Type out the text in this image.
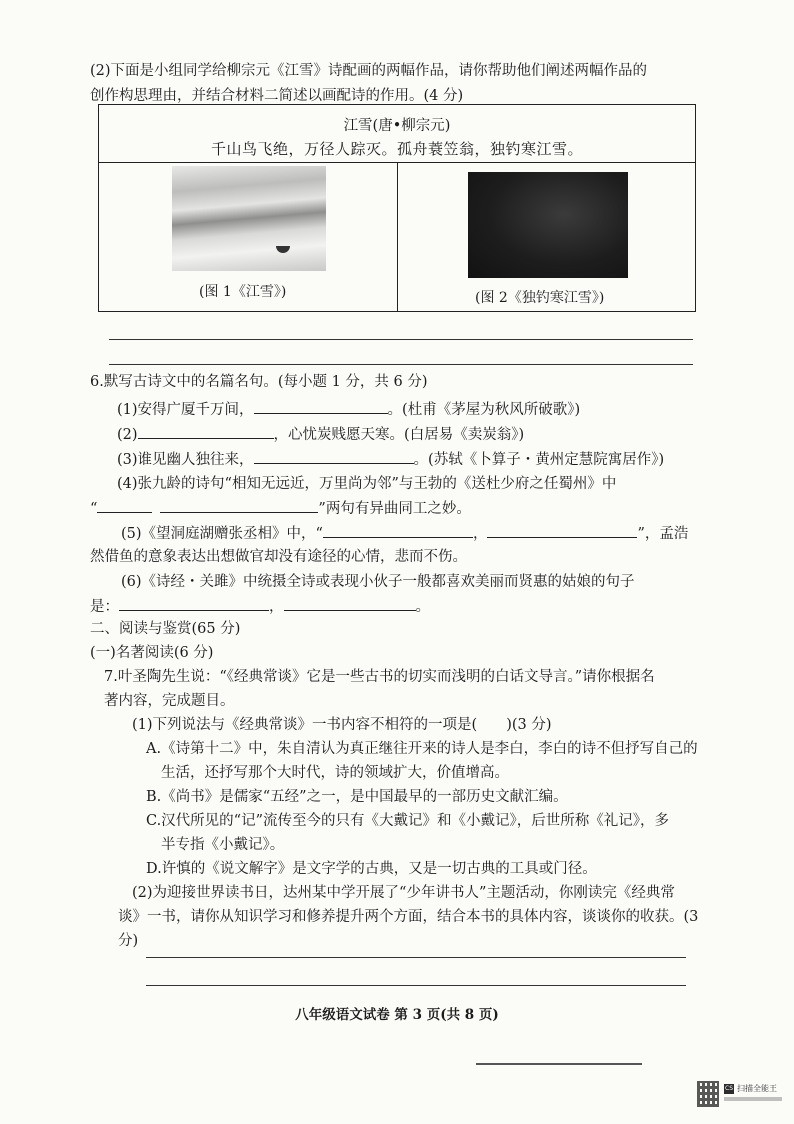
(2)下面是小组同学给柳宗元《江雪》诗配画的两幅作品，请你帮助他们阐述两幅作品的
创作构思理由，并结合材料二简述以画配诗的作用。(4 分)
江雪(唐•柳宗元)
千山鸟飞绝，万径人踪灭。孤舟蓑笠翁，独钓寒江雪。
(图 1《江雪》)	(图 2《独钓寒江雪》)
6.默写古诗文中的名篇名句。(每小题 1 分，共 6 分)
(1)安得广厦千万间，	。(杜甫《茅屋为秋风所破歌》)
(2)	，心忧炭贱愿天寒。(白居易《卖炭翁》)
(3)谁见幽人独往来，	。(苏轼《卜算子・黄州定慧院寓居作》)
(4)张九龄的诗句“相知无远近，万里尚为邻”与王勃的《送杜少府之任蜀州》中
“	”两句有异曲同工之妙。
(5)《望洞庭湖赠张丞相》中，“	，	”，孟浩
然借鱼的意象表达出想做官却没有途径的心情，悲而不伤。
(6)《诗经・关雎》中统摄全诗或表现小伙子一般都喜欢美丽而贤惠的姑娘的句子
是：	，	。
二、阅读与鉴赏(65 分)
(一)名著阅读(6 分)
7.叶圣陶先生说：“《经典常谈》它是一些古书的切实而浅明的白话文导言。”请你根据名
著内容，完成题目。
(1)下列说法与《经典常谈》一书内容不相符的一项是(　　)(3 分)
A.《诗第十二》中，朱自清认为真正继往开来的诗人是李白，李白的诗不但抒写自己的
生活，还抒写那个大时代，诗的领域扩大，价值增高。
B.《尚书》是儒家“五经”之一，是中国最早的一部历史文献汇编。
C.汉代所见的“记”流传至今的只有《大戴记》和《小戴记》，后世所称《礼记》，多
半专指《小戴记》。
D.许慎的《说文解字》是文字学的古典，又是一切古典的工具或门径。
(2)为迎接世界读书日，达州某中学开展了“少年讲书人”主题活动，你刚读完《经典常
谈》一书，请你从知识学习和修养提升两个方面，结合本书的具体内容，谈谈你的收获。(3
分)
八年级语文试卷 第 3 页(共 8 页)
CS 扫描全能王
